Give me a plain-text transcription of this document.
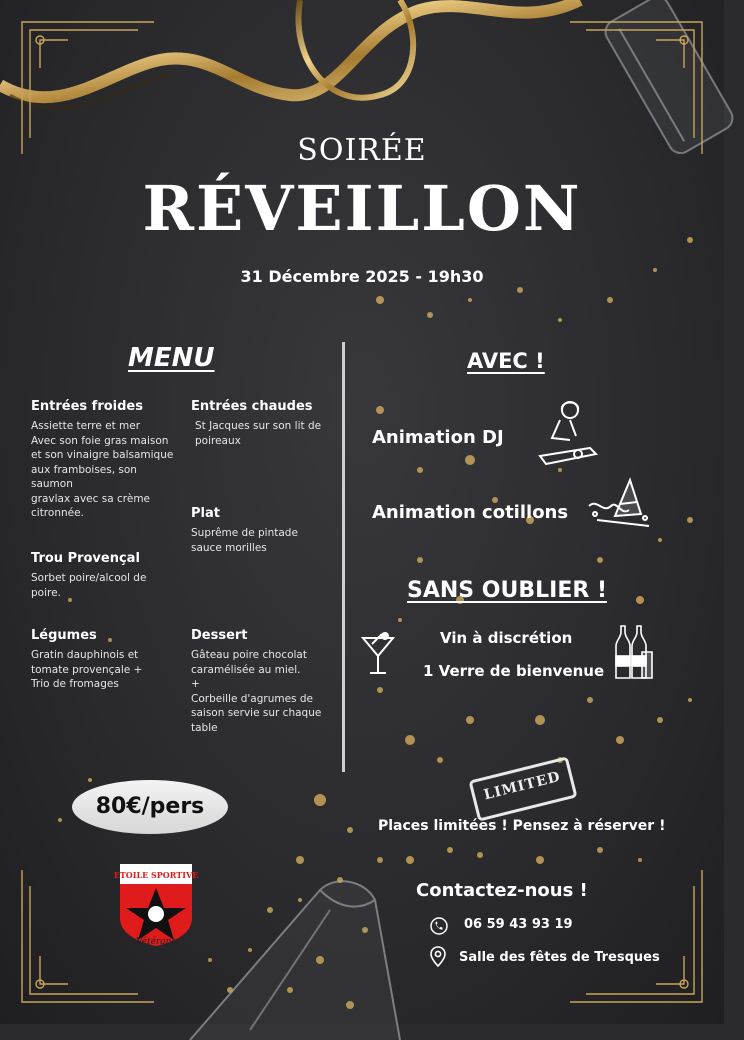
SOIRÉE
RÉVEILLON
31 Décembre 2025 - 19h30
MENU
Entrées froides
Assiette terre et mer
Avec son foie gras maison
et son vinaigre balsamique
aux framboises, son
saumon
gravlax avec sa crème
citronnée.
Entrées chaudes
St Jacques sur son lit de
poireaux
Plat
Suprême de pintade
sauce morilles
Trou Provençal
Sorbet poire/alcool de
poire.
Légumes
Gratin dauphinois et
tomate provençale +
Trio de fromages
Dessert
Gâteau poire chocolat
caramélisée au miel.
+
Corbeille d'agrumes de
saison servie sur chaque
table
AVEC !
Animation DJ
Animation cotillons
SANS OUBLIER !
Vin à discrétion
1 Verre de bienvenue
80€/pers
LIMITED
Places limitées ! Pensez à réserver !
ETOILE SPORTIVE
Vétérans
Contactez-nous !
06 59 43 93 19
Salle des fêtes de Tresques
